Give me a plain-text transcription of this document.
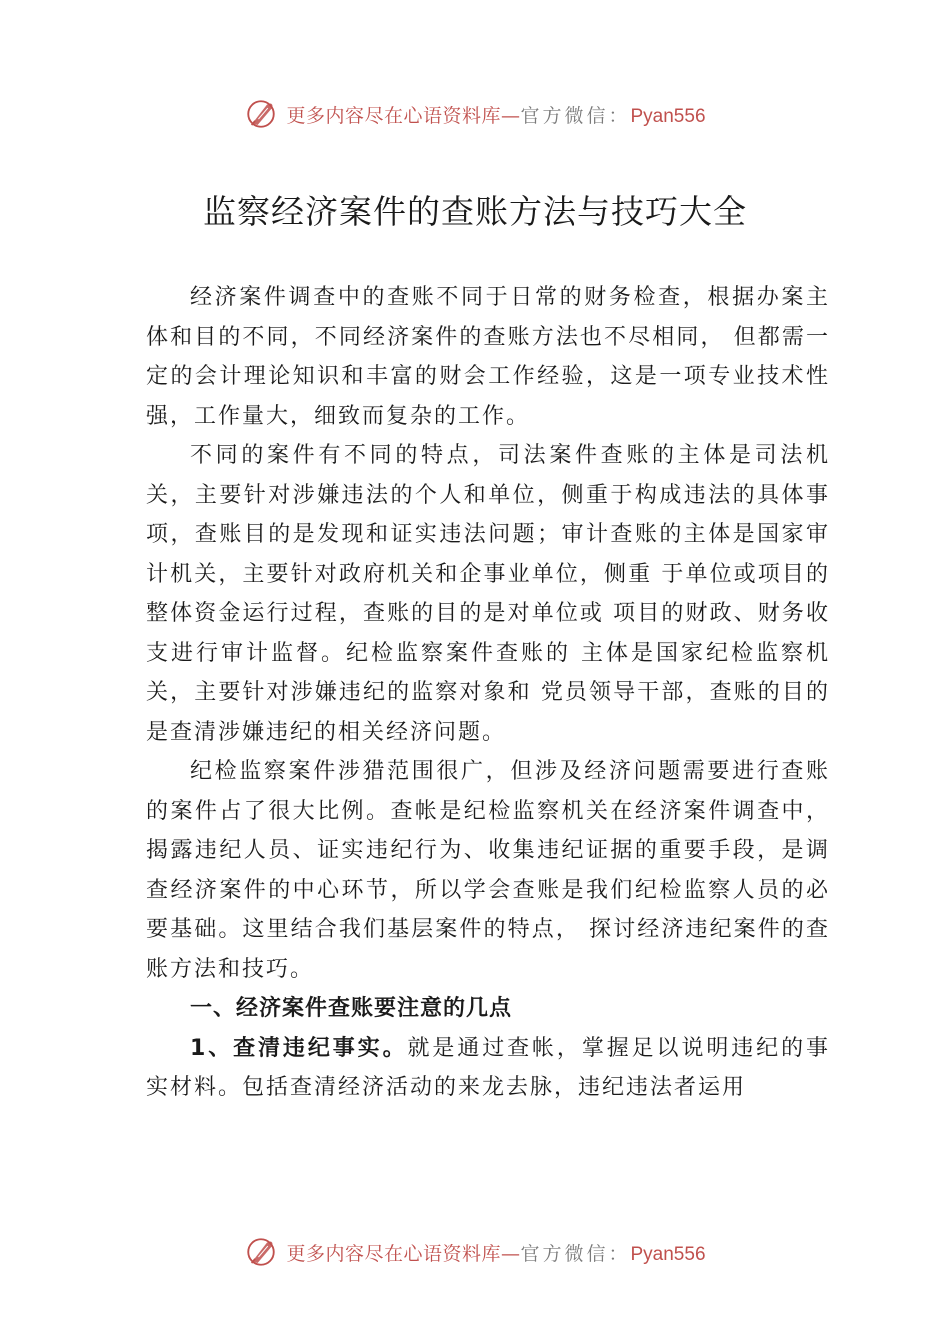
更多内容尽在心语资料库—官方微信：Pyan556
监察经济案件的查账方法与技巧大全

经济案件调查中的查账不同于日常的财务检查，根据办案主体和目的不同，不同经济案件的查账方法也不尽相同， 但都需一定的会计理论知识和丰富的财会工作经验，这是一项专业技术性强，工作量大，细致而复杂的工作。

不同的案件有不同的特点，司法案件查账的主体是司法机关，主要针对涉嫌违法的个人和单位，侧重于构成违法的具体事项，查账目的是发现和证实违法问题；审计查账的主体是国家审计机关，主要针对政府机关和企事业单位，侧重 于单位或项目的整体资金运行过程，查账的目的是对单位或 项目的财政、财务收支进行审计监督。纪检监察案件查账的 主体是国家纪检监察机关，主要针对涉嫌违纪的监察对象和 党员领导干部，查账的目的是查清涉嫌违纪的相关经济问题。

纪检监察案件涉猎范围很广，但涉及经济问题需要进行查账的案件占了很大比例。查帐是纪检监察机关在经济案件调查中，揭露违纪人员、证实违纪行为、收集违纪证据的重要手段，是调查经济案件的中心环节，所以学会查账是我们纪检监察人员的必要基础。这里结合我们基层案件的特点， 探讨经济违纪案件的查账方法和技巧。

一、经济案件查账要注意的几点

1、查清违纪事实。就是通过查帐，掌握足以说明违纪的事实材料。包括查清经济活动的来龙去脉，违纪违法者运用

更多内容尽在心语资料库—官方微信：Pyan556
